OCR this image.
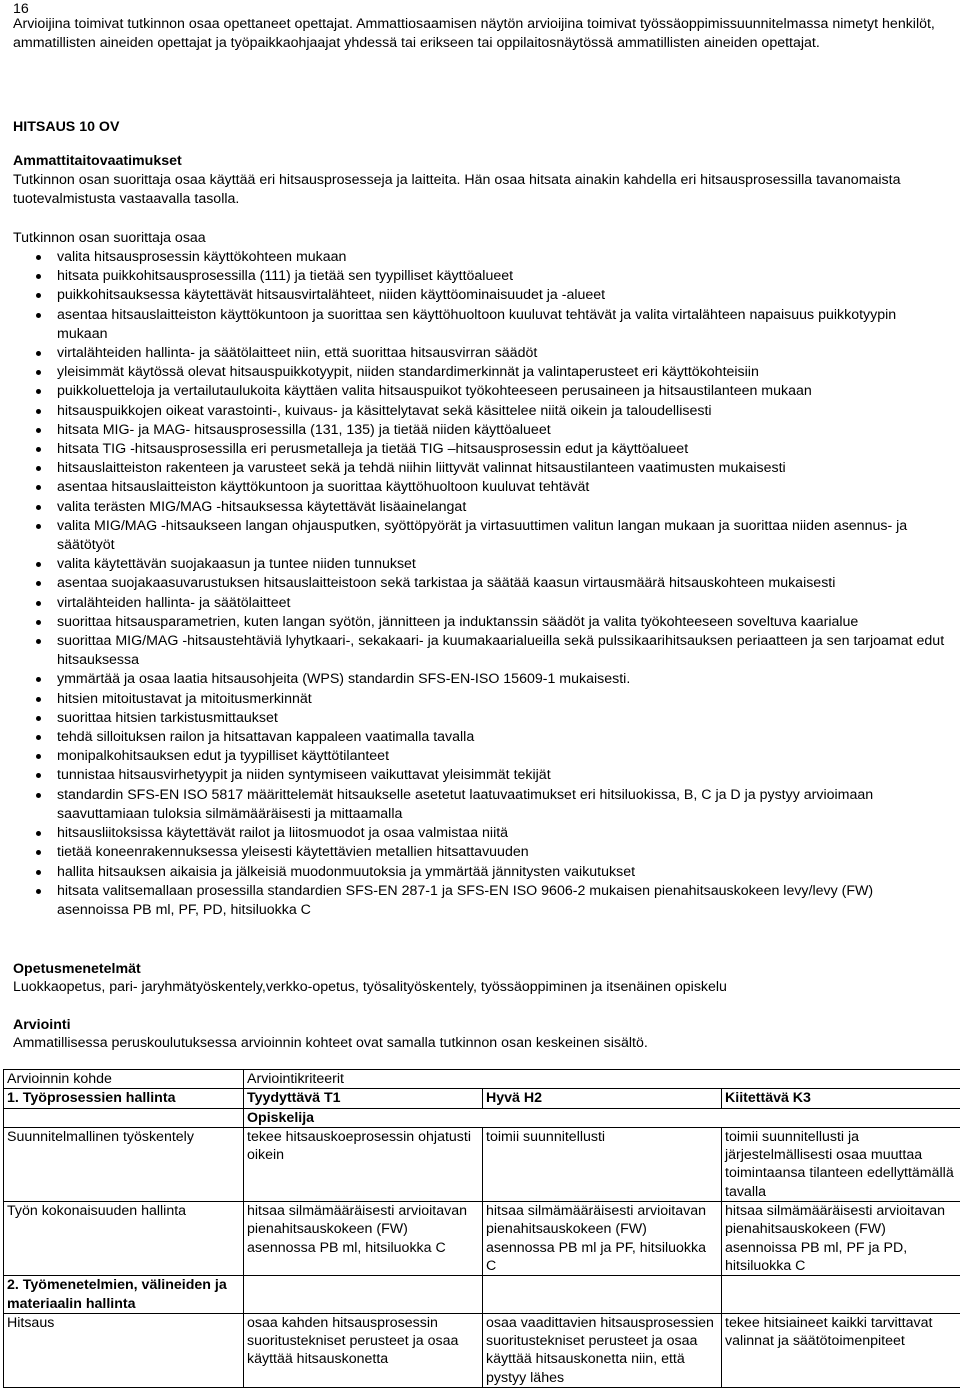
16
Arvioijina toimivat tutkinnon osaa opettaneet opettajat. Ammattiosaamisen näytön arvioijina toimivat työssäoppimissuunnitelmassa nimetyt henkilöt, ammatillisten aineiden opettajat ja työpaikkaohjaajat yhdessä tai erikseen tai oppilaitosnäytössä ammatillisten aineiden opettajat.
HITSAUS 10 OV
Ammattitaitovaatimukset
Tutkinnon osan suorittaja osaa käyttää eri hitsausprosesseja ja laitteita. Hän osaa hitsata ainakin kahdella eri hitsausprosessilla tavanomaista tuotevalmistusta vastaavalla tasolla.
Tutkinnon osan suorittaja osaa
valita hitsausprosessin käyttökohteen mukaan
hitsata puikkohitsausprosessilla (111) ja tietää sen tyypilliset käyttöalueet
puikkohitsauksessa käytettävät hitsausvirtalähteet, niiden käyttöominaisuudet ja -alueet
asentaa hitsauslaitteiston käyttökuntoon ja suorittaa sen käyttöhuoltoon kuuluvat tehtävät ja valita virtalähteen napaisuus puikkotyypin mukaan
virtalähteiden hallinta- ja säätölaitteet niin, että suorittaa hitsausvirran säädöt
yleisimmät käytössä olevat hitsauspuikkotyypit, niiden standardimerkinnät ja valintaperusteet eri käyttökohteisiin
puikkoluetteloja ja vertailutaulukoita käyttäen valita hitsauspuikot työkohteeseen perusaineen ja hitsaustilanteen mukaan
hitsauspuikkojen oikeat varastointi-, kuivaus- ja käsittelytavat sekä käsittelee niitä oikein ja taloudellisesti
hitsata MIG- ja MAG- hitsausprosessilla (131, 135) ja tietää niiden käyttöalueet
hitsata TIG -hitsausprosessilla eri perusmetalleja ja tietää TIG –hitsausprosessin edut ja käyttöalueet
hitsauslaitteiston rakenteen ja varusteet sekä ja tehdä niihin liittyvät valinnat hitsaustilanteen vaatimusten mukaisesti
asentaa hitsauslaitteiston käyttökuntoon ja suorittaa käyttöhuoltoon kuuluvat tehtävät
valita terästen MIG/MAG -hitsauksessa käytettävät lisäainelangat
valita MIG/MAG -hitsaukseen langan ohjausputken, syöttöpyörät ja virtasuuttimen valitun langan mukaan ja suorittaa niiden asennus- ja säätötyöt
valita käytettävän suojakaasun ja tuntee niiden tunnukset
asentaa suojakaasuvarustuksen hitsauslaitteistoon sekä tarkistaa ja säätää kaasun virtausmäärä hitsauskohteen mukaisesti
virtalähteiden hallinta- ja säätölaitteet
suorittaa hitsausparametrien, kuten langan syötön, jännitteen ja induktanssin säädöt ja valita työkohteeseen soveltuva kaarialue
suorittaa MIG/MAG -hitsaustehtäviä lyhytkaari-, sekakaari- ja kuumakaarialueilla sekä pulssikaarihitsauksen periaatteen ja sen tarjoamat edut hitsauksessa
ymmärtää ja osaa laatia hitsausohjeita (WPS) standardin SFS-EN-ISO 15609-1 mukaisesti.
hitsien mitoitustavat ja mitoitusmerkinnät
suorittaa hitsien tarkistusmittaukset
tehdä silloituksen railon ja hitsattavan kappaleen vaatimalla tavalla
monipalkohitsauksen edut ja tyypilliset käyttötilanteet
tunnistaa hitsausvirhetyypit ja niiden syntymiseen vaikuttavat yleisimmät tekijät
standardin SFS-EN ISO 5817 määrittelemät hitsaukselle asetetut laatuvaatimukset eri hitsiluokissa, B, C ja D ja pystyy arvioimaan saavuttamiaan tuloksia silmämääräisesti ja mittaamalla
hitsausliitoksissa käytettävät railot ja liitosmuodot ja osaa valmistaa niitä
tietää koneenrakennuksessa yleisesti käytettävien metallien hitsattavuuden
hallita hitsauksen aikaisia ja jälkeisiä muodonmuutoksia ja ymmärtää jännitysten vaikutukset
hitsata valitsemallaan prosessilla standardien SFS-EN 287-1 ja SFS-EN ISO 9606-2 mukaisen pienahitsauskokeen levy/levy (FW) asennoissa PB ml, PF, PD, hitsiluokka C
Opetusmenetelmät
Luokkaopetus, pari- jaryhmätyöskentely,verkko-opetus, työsalityöskentely, työssäoppiminen ja itsenäinen opiskelu
Arviointi
Ammatillisessa peruskoulutuksessa arvioinnin kohteet ovat samalla tutkinnon osan keskeinen sisältö.
Arvioinnin kohde	Arviointikriteerit		
1. Työprosessien hallinta	Tyydyttävä T1	Hyvä H2	Kiitettävä K3
	Opiskelija		
Suunnitelmallinen työskentely	tekee hitsauskoeprosessin ohjatusti oikein	toimii suunnitellusti	toimii suunnitellusti ja järjestelmällisesti osaa muuttaa toimintaansa tilanteen edellyttämällä tavalla
Työn kokonaisuuden hallinta	hitsaa silmämääräisesti arvioitavan pienahitsauskokeen (FW) asennossa PB ml, hitsiluokka C	hitsaa silmämääräisesti arvioitavan pienahitsauskokeen (FW) asennossa PB ml ja PF, hitsiluokka C	hitsaa silmämääräisesti arvioitavan pienahitsauskokeen (FW) asennoissa PB ml, PF ja PD, hitsiluokka C
2. Työmenetelmien, välineiden ja materiaalin hallinta			
Hitsaus	osaa kahden hitsausprosessin suoritustekniset perusteet ja osaa käyttää hitsauskonetta	osaa vaadittavien hitsausprosessien suoritustekniset perusteet ja osaa käyttää hitsauskonetta niin, että pystyy lähes	tekee hitsiaineet kaikki tarvittavat valinnat ja säätötoimenpiteet
